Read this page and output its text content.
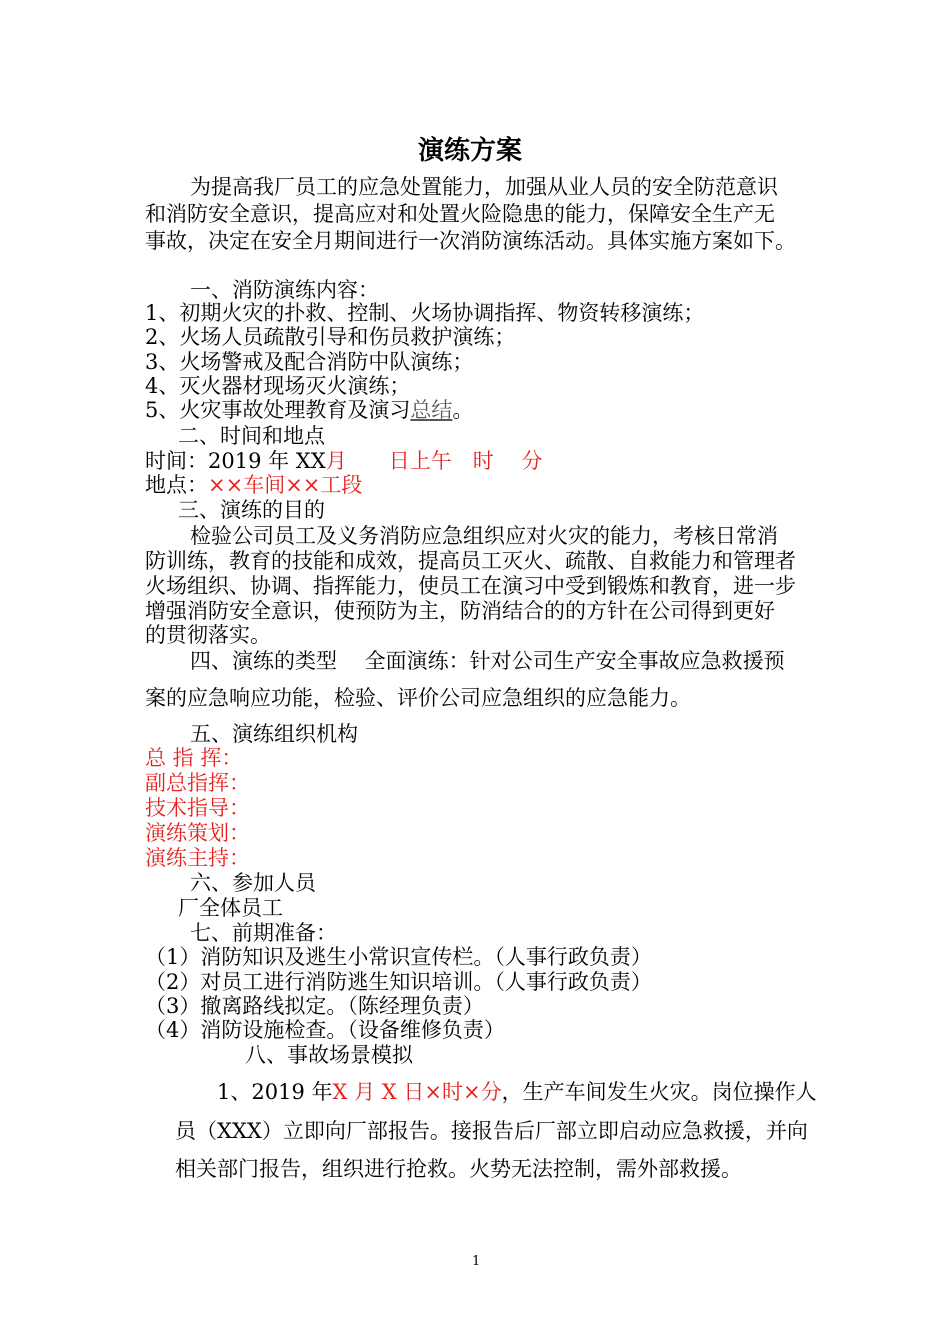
演练方案
为提高我厂员工的应急处置能力，加强从业人员的安全防范意识
和消防安全意识，提高应对和处置火险隐患的能力，保障安全生产无
事故，决定在安全月期间进行一次消防演练活动。具体实施方案如下。
一、消防演练内容：
1、初期火灾的扑救、控制、火场协调指挥、物资转移演练；
2、火场人员疏散引导和伤员救护演练；
3、火场警戒及配合消防中队演练；
4、灭火器材现场灭火演练；
5、火灾事故处理教育及演习总结。
二、时间和地点
时间：2019 年 XX月　　日上午　时　 分
地点：××车间××工段
三、演练的目的
检验公司员工及义务消防应急组织应对火灾的能力，考核日常消
防训练，教育的技能和成效，提高员工灭火、疏散、自救能力和管理者
火场组织、协调、指挥能力，使员工在演习中受到锻炼和教育，进一步
增强消防安全意识，使预防为主，防消结合的的方针在公司得到更好
的贯彻落实。
四、演练的类型　 全面演练：针对公司生产安全事故应急救援预
案的应急响应功能，检验、评价公司应急组织的应急能力。
五、演练组织机构
总 指 挥：
副总指挥：
技术指导：
演练策划：
演练主持：
六、参加人员
厂全体员工
七、前期准备：
（1）消防知识及逃生小常识宣传栏。（人事行政负责）
（2）对员工进行消防逃生知识培训。（人事行政负责）
（3）撤离路线拟定。（陈经理负责）
（4）消防设施检查。（设备维修负责）
八、事故场景模拟
1、2019 年X 月 X 日×时×分，生产车间发生火灾。岗位操作人
员（XXX）立即向厂部报告。接报告后厂部立即启动应急救援，并向
相关部门报告，组织进行抢救。火势无法控制，需外部救援。
1
